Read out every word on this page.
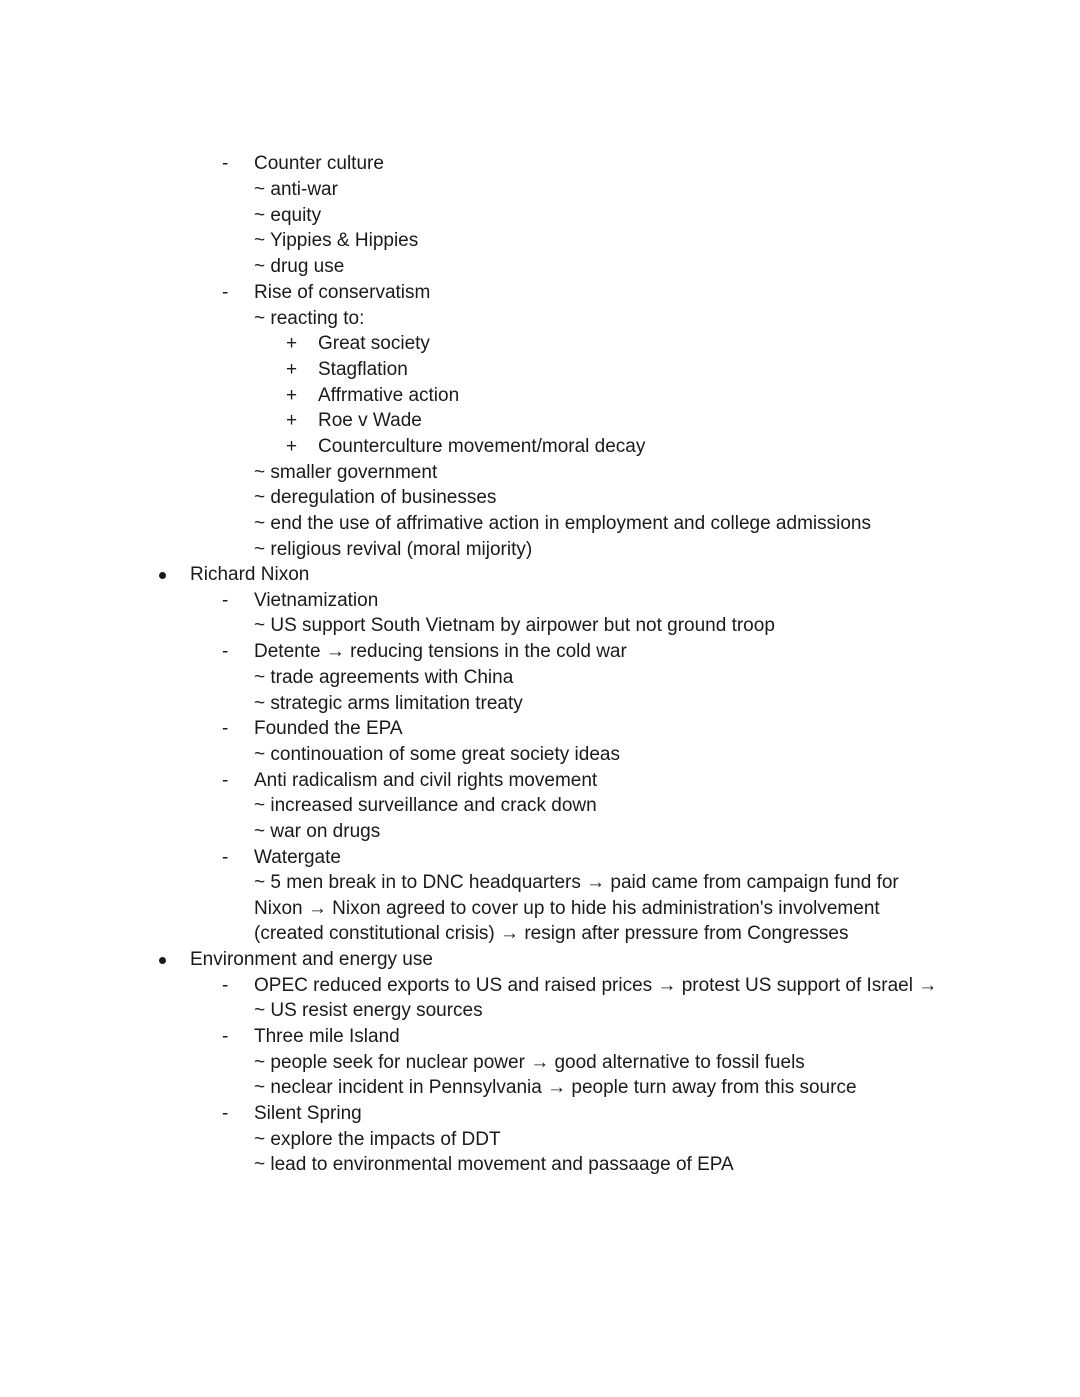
- Counter culture
~ anti-war
~ equity
~ Yippies & Hippies
~ drug use
- Rise of conservatism
~ reacting to:
+ Great society
+ Stagflation
+ Affrmative action
+ Roe v Wade
+ Counterculture movement/moral decay
~ smaller government
~ deregulation of businesses
~ end the use of affrimative action in employment and college admissions
~ religious revival (moral mijority)
Richard Nixon
- Vietnamization
~ US support South Vietnam by airpower but not ground troop
- Detente → reducing tensions in the cold war
~ trade agreements with China
~ strategic arms limitation treaty
- Founded the EPA
~ continouation of some great society ideas
- Anti radicalism and civil rights movement
~ increased surveillance and crack down
~ war on drugs
- Watergate
~ 5 men break in to DNC headquarters → paid came from campaign fund for
Nixon → Nixon agreed to cover up to hide his administration's involvement
(created constitutional crisis) → resign after pressure from Congresses
Environment and energy use
- OPEC reduced exports to US and raised prices → protest US support of Israel →
~ US resist energy sources
- Three mile Island
~ people seek for nuclear power → good alternative to fossil fuels
~ neclear incident in Pennsylvania → people turn away from this source
- Silent Spring
~ explore the impacts of DDT
~ lead to environmental movement and passaage of EPA
